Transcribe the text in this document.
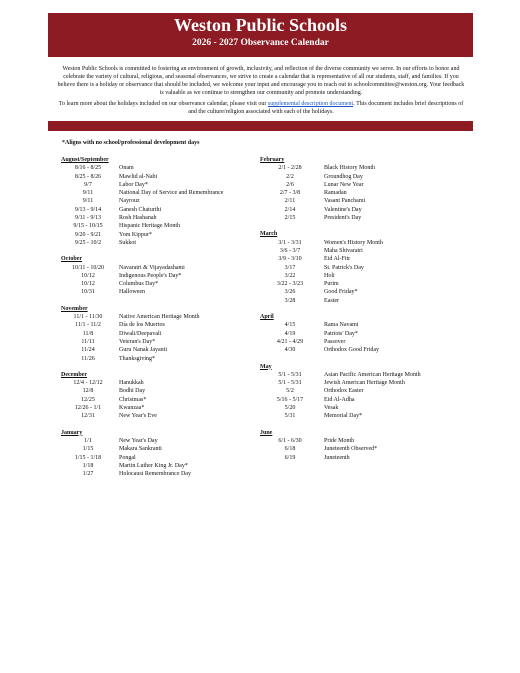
Weston Public Schools
2026 - 2027 Observance Calendar
Weston Public Schools is committed to fostering an environment of growth, inclusivity, and reflection of the diverse community we serve. In our efforts to honor and celebrate the variety of cultural, religious, and seasonal observances, we strive to create a calendar that is representative of all our students, staff, and families. If you believe there is a holiday or observance that should be included, we welcome your input and encourage you to reach out to schoolcommittee@weston.org. Your feedback is valuable as we continue to strengthen our community and promote understanding.
To learn more about the holidays included on our observance calendar, please visit our supplemental description document. This document includes brief descriptions of and the culture/religion associated with each of the holidays.
*Aligns with no school/professional development days
August/September
8/16 - 8/25	Onam
8/25 - 8/26	Mawlid al-Nabi
9/7	Labor Day*
9/11	National Day of Service and Remembrance
9/11	Nayrouz
9/13 - 9/14	Ganesh Chaturthi
9/11 - 9/13	Rosh Hashanah
9/15 - 10/15	Hispanic Heritage Month
9/20 - 9/21	Yom Kippur*
9/25 - 10/2	Sukkot
October
10/11 - 10/20	Navaratri & Vijayadashami
10/12	Indigenous People's Day*
10/12	Columbus Day*
10/31	Halloween
November
11/1 - 11/30	Native American Heritage Month
11/1 - 11/2	Día de los Muertos
11/8	Diwali/Deepavali
11/11	Veteran's Day*
11/24	Guru Nanak Jayanti
11/26	Thanksgiving*
December
12/4 - 12/12	Hanukkah
12/8	Bodhi Day
12/25	Christmas*
12/26 - 1/1	Kwanzaa*
12/31	New Year's Eve
January
1/1	New Year's Day
1/15	Makara Sankranti
1/15 - 1/18	Pongal
1/18	Martin Luther King Jr. Day*
1/27	Holocaust Remembrance Day
February
2/1 - 2/28	Black History Month
2/2	Groundhog Day
2/6	Lunar New Year
2/7 - 3/8	Ramadan
2/11	Vasant Panchami
2/14	Valentine's Day
2/15	President's Day
March
3/1 - 3/31	Women's History Month
3/6 - 3/7	Maha Shivaratri
3/9 - 3/10	Eid Al-Fitr
3/17	St. Patrick's Day
3/22	Holi
3/22 - 3/23	Purim
3/26	Good Friday*
3/28	Easter
April
4/15	Rama Navami
4/19	Patriots' Day*
4/21 - 4/29	Passover
4/30	Orthodox Good Friday
May
5/1 - 5/31	Asian Pacific American Heritage Month
5/1 - 5/31	Jewish American Heritage Month
5/2	Orthodox Easter
5/16 - 5/17	Eid Al-Adha
5/20	Vesak
5/31	Memorial Day*
June
6/1 - 6/30	Pride Month
6/18	Juneteenth Observed*
6/19	Juneteenth
